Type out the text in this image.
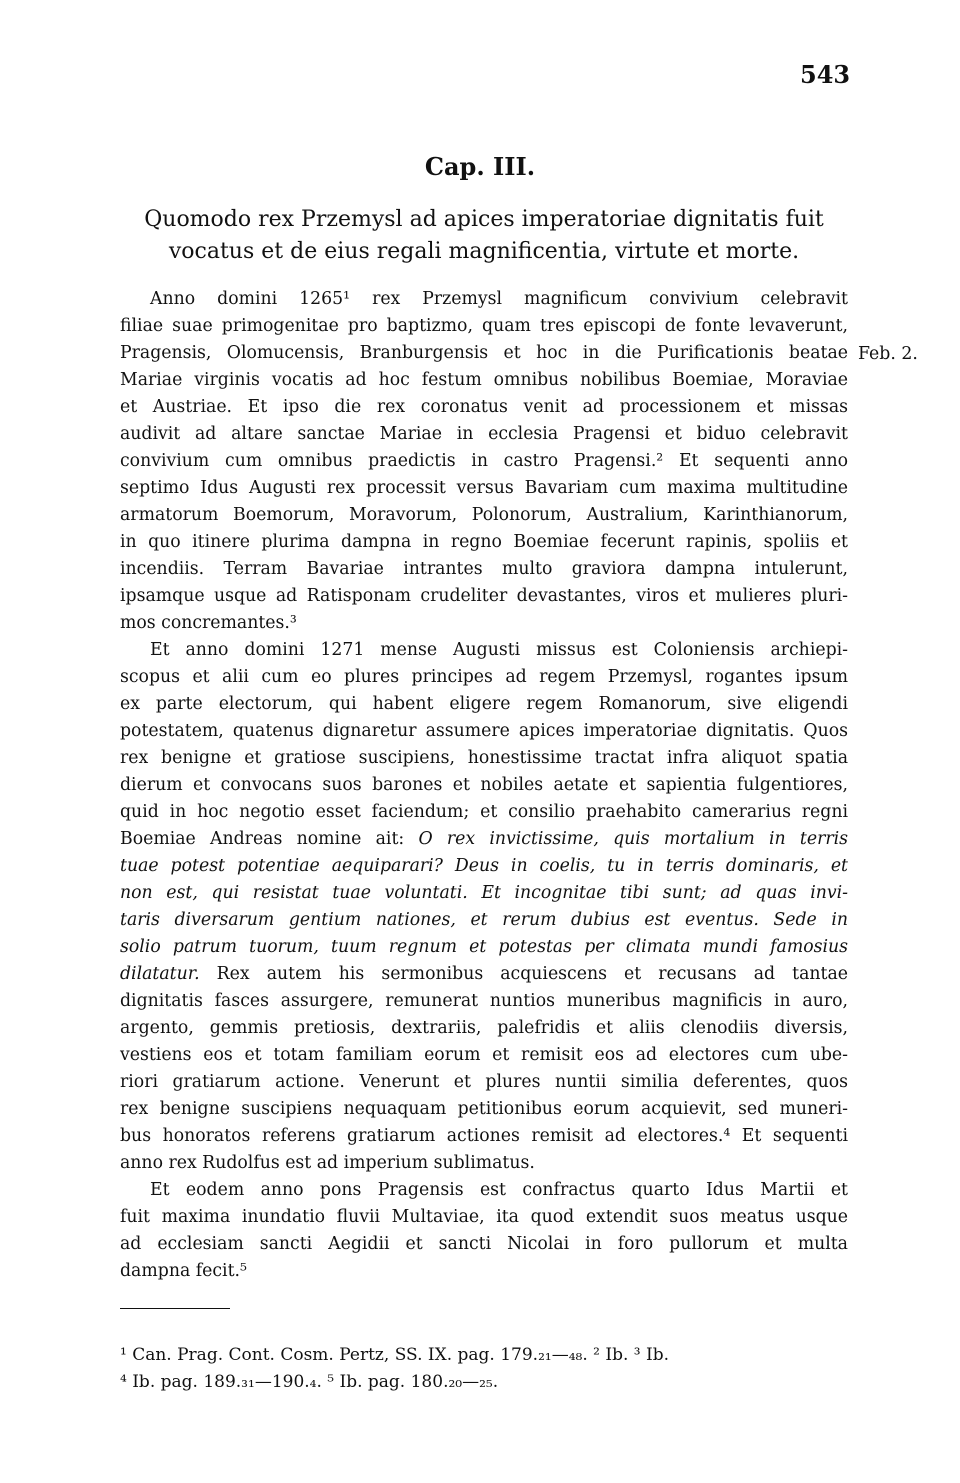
543
Cap. III.
Quomodo rex Przemysl ad apices imperatoriae dignitatis fuit
vocatus et de eius regali magnificentia, virtute et morte.
Feb. 2.
Anno domini 1265¹ rex Przemysl magnificum convivium celebravit
filiae suae primogenitae pro baptizmo, quam tres episcopi de fonte levaverunt,
Pragensis, Olomucensis, Branburgensis et hoc in die Purificationis beatae
Mariae virginis vocatis ad hoc festum omnibus nobilibus Boemiae, Moraviae
et Austriae. Et ipso die rex coronatus venit ad processionem et missas
audivit ad altare sanctae Mariae in ecclesia Pragensi et biduo celebravit
convivium cum omnibus praedictis in castro Pragensi.² Et sequenti anno
septimo Idus Augusti rex processit versus Bavariam cum maxima multitudine
armatorum Boemorum, Moravorum, Polonorum, Australium, Karinthianorum,
in quo itinere plurima dampna in regno Boemiae fecerunt rapinis, spoliis et
incendiis. Terram Bavariae intrantes multo graviora dampna intulerunt,
ipsamque usque ad Ratisponam crudeliter devastantes, viros et mulieres pluri-
mos concremantes.³
Et anno domini 1271 mense Augusti missus est Coloniensis archiepi-
scopus et alii cum eo plures principes ad regem Przemysl, rogantes ipsum
ex parte electorum, qui habent eligere regem Romanorum, sive eligendi
potestatem, quatenus dignaretur assumere apices imperatoriae dignitatis. Quos
rex benigne et gratiose suscipiens, honestissime tractat infra aliquot spatia
dierum et convocans suos barones et nobiles aetate et sapientia fulgentiores,
quid in hoc negotio esset faciendum; et consilio praehabito camerarius regni
Boemiae Andreas nomine ait: O rex invictissime, quis mortalium in terris
tuae potest potentiae aequiparari? Deus in coelis, tu in terris dominaris, et
non est, qui resistat tuae voluntati. Et incognitae tibi sunt; ad quas invi-
taris diversarum gentium nationes, et rerum dubius est eventus. Sede in
solio patrum tuorum, tuum regnum et potestas per climata mundi famosius
dilatatur. Rex autem his sermonibus acquiescens et recusans ad tantae
dignitatis fasces assurgere, remunerat nuntios muneribus magnificis in auro,
argento, gemmis pretiosis, dextrariis, palefridis et aliis clenodiis diversis,
vestiens eos et totam familiam eorum et remisit eos ad electores cum ube-
riori gratiarum actione. Venerunt et plures nuntii similia deferentes, quos
rex benigne suscipiens nequaquam petitionibus eorum acquievit, sed muneri-
bus honoratos referens gratiarum actiones remisit ad electores.⁴ Et sequenti
anno rex Rudolfus est ad imperium sublimatus.
Et eodem anno pons Pragensis est confractus quarto Idus Martii et
fuit maxima inundatio fluvii Multaviae, ita quod extendit suos meatus usque
ad ecclesiam sancti Aegidii et sancti Nicolai in foro pullorum et multa
dampna fecit.⁵
¹ Can. Prag. Cont. Cosm. Pertz, SS. IX. pag. 179.₂₁—₄₈. ² Ib. ³ Ib.
⁴ Ib. pag. 189.₃₁—190.₄. ⁵ Ib. pag. 180.₂₀—₂₅.
